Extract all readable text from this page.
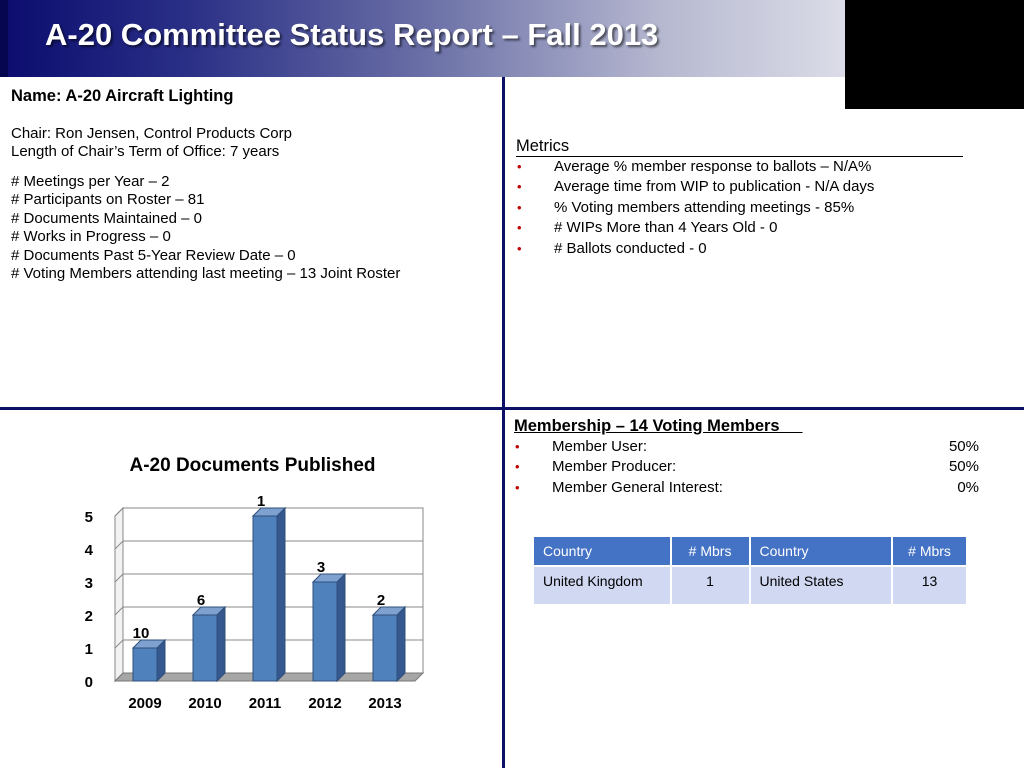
A-20 Committee Status Report – Fall 2013
Name: A-20 Aircraft Lighting
Chair: Ron Jensen, Control Products Corp
Length of Chair’s Term of Office: 7 years
# Meetings per Year – 2
# Participants on Roster – 81
# Documents Maintained – 0
# Works in Progress – 0
# Documents Past 5-Year Review Date – 0
# Voting Members attending last meeting – 13 Joint Roster
Metrics
• Average % member response to ballots – N/A%
• Average time from WIP to publication - N/A days
• % Voting members attending meetings - 85%
• # WIPs More than 4 Years Old - 0
• # Ballots conducted - 0
A-20 Documents Published
0
1
2
3
4
5
10
2009
6
2010
1
2011
3
2012
2
2013
Membership – 14 Voting Members
• Member User:	50%
• Member Producer:	50%
• Member General Interest:	0%
Country	# Mbrs	Country	# Mbrs
United Kingdom	1	United States	13
